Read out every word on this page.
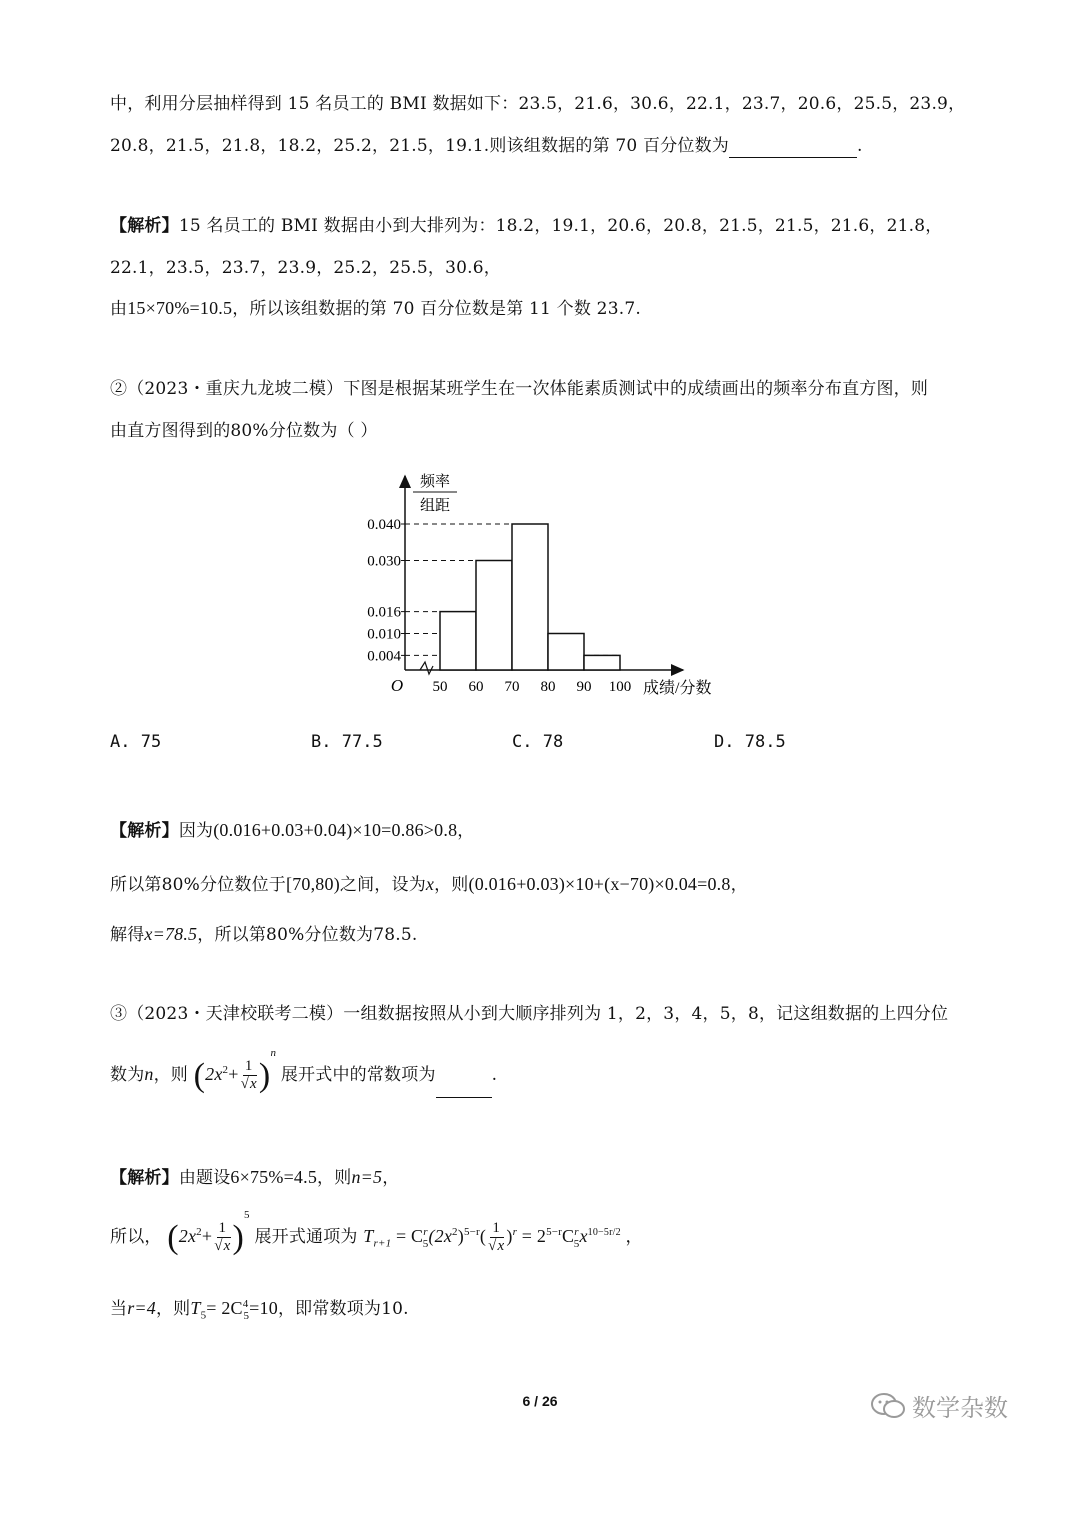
中，利用分层抽样得到 15 名员工的 BMI 数据如下：23.5，21.6，30.6，22.1，23.7，20.6，25.5，23.9，
20.8，21.5，21.8，18.2，25.2，21.5，19.1.则该组数据的第 70 百分位数为	.
【解析】15 名员工的 BMI 数据由小到大排列为：18.2，19.1，20.6，20.8，21.5，21.5，21.6，21.8，
22.1，23.5，23.7，23.9，25.2，25.5，30.6，
由15×70%=10.5，所以该组数据的第 70 百分位数是第 11 个数 23.7.
②（2023・重庆九龙坡二模）下图是根据某班学生在一次体能素质测试中的成绩画出的频率分布直方图，则
由直方图得到的80%分位数为（ ）
频率
组距
O	成绩/分数
0.004
0.010
0.016
0.030
0.040
50 60 70 80 90 100
A. 75	B. 77.5	C. 78	D. 78.5
【解析】因为(0.016+0.03+0.04)×10=0.86>0.8，
所以第80%分位数位于[70,80)之间，设为x，则(0.016+0.03)×10+(x−70)×0.04=0.8，
解得x=78.5，所以第80%分位数为78.5.
③（2023・天津校联考二模）一组数据按照从小到大顺序排列为 1，2，3，4，5，8，记这组数据的上四分位
数为n，则 $(2x^2+ \frac{1}{√x} )^n$ 展开式中的常数项为	.
【解析】由题设6×75%=4.5，则n=5，
所以， $(2x^2+ \frac{1}{√x} )^5$ 展开式通项为 $T_{r+1} = C^r_5(2x^2)^{5-r}( \frac{1}{√x} )^r = 2^{5-r}C^r_5x^{10-5r/2}$ ，
当r=4，则$T_5= 2C^4_5=10$，即常数项为10.
6 / 26	数学杂数
